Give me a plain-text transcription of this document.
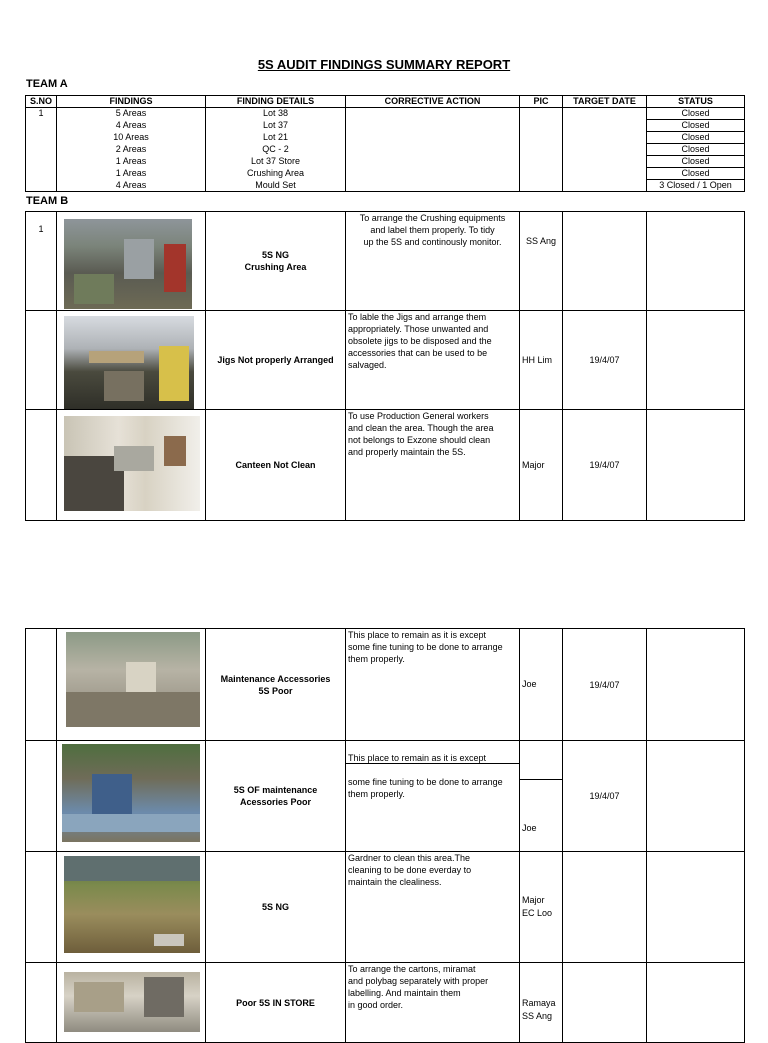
5S AUDIT FINDINGS SUMMARY REPORT
TEAM A
S.NO	FINDINGS	FINDING DETAILS	CORRECTIVE ACTION	PIC	TARGET DATE	STATUS
1	5 Areas	Lot 38				Closed
	4 Areas	Lot 37				Closed
	10 Areas	Lot 21				Closed
	2 Areas	QC - 2				Closed
	1 Areas	Lot 37 Store				Closed
	1 Areas	Crushing Area				Closed
	4 Areas	Mould Set				3 Closed / 1 Open
TEAM B
1		5S NG
Crushing Area	To arrange the Crushing equipments
and label them properly. To tidy
up the 5S and continously monitor.	SS Ang		

	Jigs Not properly Arranged	To lable the Jigs and arrange them
appropriately. Those unwanted and
obsolete jigs to be disposed and the
accessories that can be used to be
salvaged.	HH Lim	19/4/07	

	Canteen Not Clean	To use Production General workers
and clean the area. Though the area
not belongs to Exzone should clean
and properly maintain the 5S.	Major	19/4/07	

		Maintenance Accessories
5S Poor	This place to remain as it is except
some fine tuning to be done to arrange
them properly.	Joe	19/4/07	

		5S OF maintenance
Acessories Poor	This place to remain as it is except
some fine tuning to be done to arrange
them properly.	Joe	19/4/07	

	5S NG	Gardner to clean this area.The
cleaning to be done everday to
maintain the clealiness.	Major
EC Loo		

	Poor 5S IN STORE	To arrange the cartons, miramat
and polybag separately with proper
labelling. And maintain them
in good order.	Ramaya
SS Ang		
